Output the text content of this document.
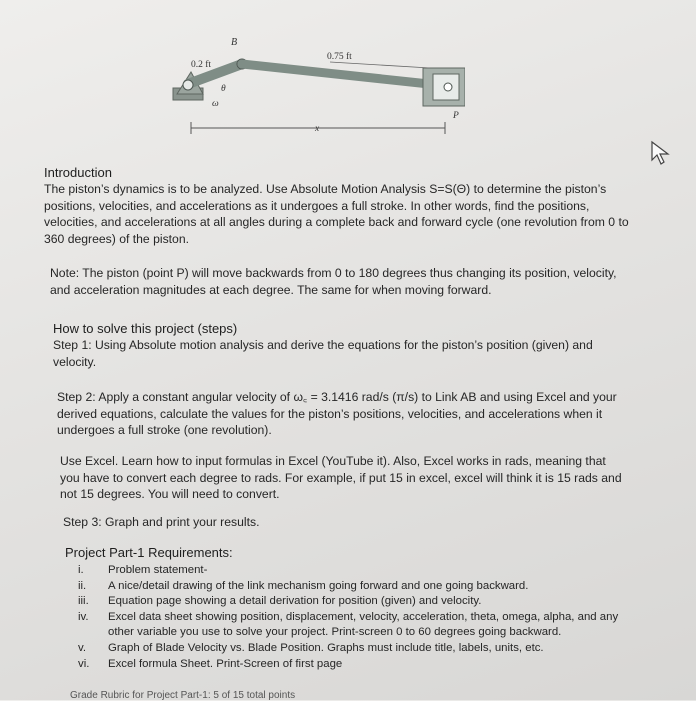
B
0.2 ft
0.75 ft
θ
ω
x
P
Introduction
The piston’s dynamics is to be analyzed. Use Absolute Motion Analysis S=S(Θ) to determine the piston’s positions, velocities, and accelerations as it undergoes a full stroke. In other words, find the positions, velocities, and accelerations at all angles during a complete back and forward cycle (one revolution from 0 to 360 degrees) of the piston.
Note: The piston (point P) will move backwards from 0 to 180 degrees thus changing its position, velocity, and acceleration magnitudes at each degree. The same for when moving forward.
How to solve this project (steps)
Step 1: Using Absolute motion analysis and derive the equations for the piston’s position (given) and velocity.
Step 2: Apply a constant angular velocity of ω꜀ = 3.1416 rad/s (π/s) to Link AB and using Excel and your derived equations, calculate the values for the piston’s positions, velocities, and accelerations when it undergoes a full stroke (one revolution).
Use Excel. Learn how to input formulas in Excel (YouTube it). Also, Excel works in rads, meaning that you have to convert each degree to rads. For example, if put 15 in excel, excel will think it is 15 rads and not 15 degrees. You will need to convert.
Step 3: Graph and print your results.
Project Part-1 Requirements:
i. Problem statement-
ii. A nice/detail drawing of the link mechanism going forward and one going backward.
iii. Equation page showing a detail derivation for position (given) and velocity.
iv. Excel data sheet showing position, displacement, velocity, acceleration, theta, omega, alpha, and any other variable you use to solve your project. Print-screen 0 to 60 degrees going backward.
v. Graph of Blade Velocity vs. Blade Position. Graphs must include title, labels, units, etc.
vi. Excel formula Sheet. Print-Screen of first page
Grade Rubric for Project Part-1: 5 of 15 total points
